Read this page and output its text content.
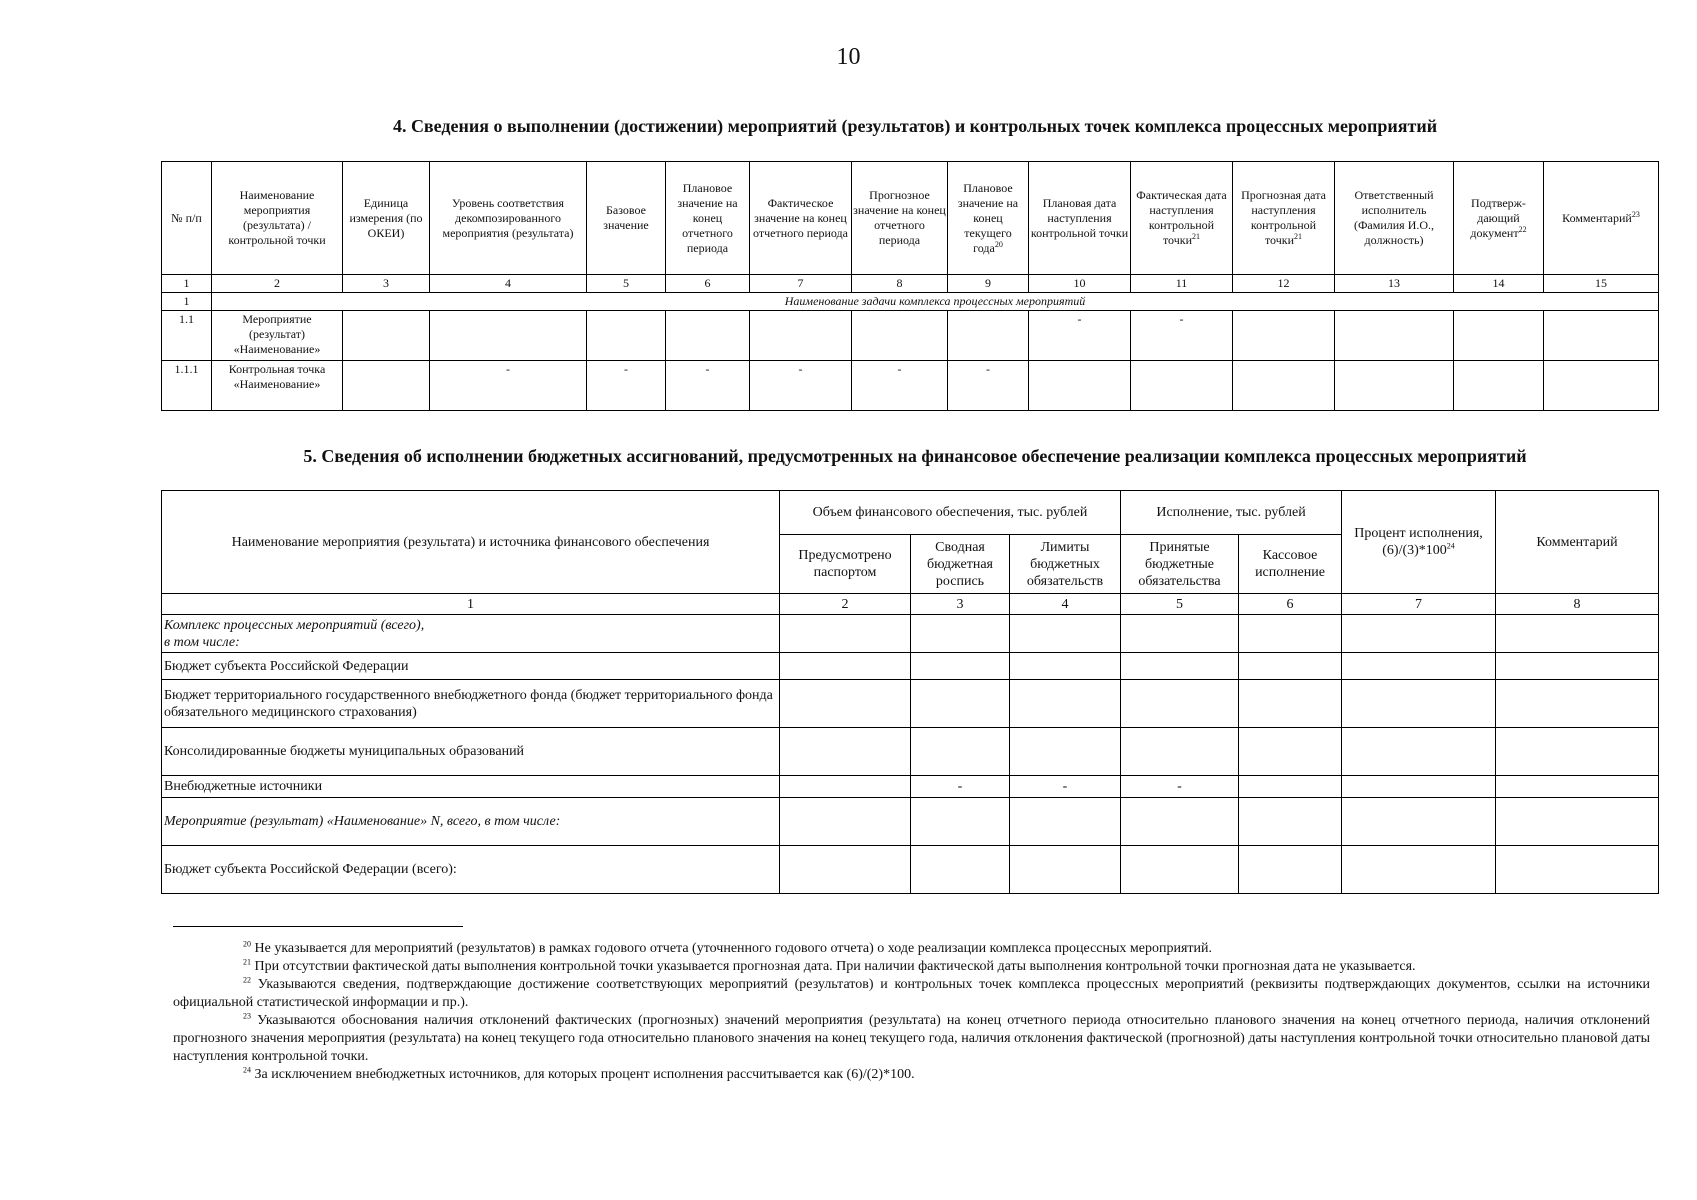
10
4. Сведения о выполнении (достижении) мероприятий (результатов) и контрольных точек комплекса процессных мероприятий
№ п/п	Наименование мероприятия (результата) / контрольной точки	Единица измерения (по ОКЕИ)	Уровень соответствия декомпозированного мероприятия (результата)	Базовое значение	Плановое значение на конец отчетного периода	Фактическое значение на конец отчетного периода	Прогнозное значение на конец отчетного периода	Плановое значение на конец текущего года$^{20}$	Плановая дата наступления контрольной точки	Фактическая дата наступления контрольной точки$^{21}$	Прогнозная дата наступления контрольной точки$^{21}$	Ответственный исполнитель (Фамилия И.О., должность)	Подтверж-дающий документ$^{22}$	Комментарий$^{23}$
1	2	3	4	5	6	7	8	9	10	11	12	13	14	15
1	Наименование задачи комплекса процессных мероприятий													
1.1	Мероприятие (результат) «Наименование»								-	-				
1.1.1	Контрольная точка «Наименование»		-	-	-	-	-	-						
5. Сведения об исполнении бюджетных ассигнований, предусмотренных на финансовое обеспечение реализации комплекса процессных мероприятий
Наименование мероприятия (результата) и источника финансового обеспечения	Объем финансового обеспечения, тыс. рублей			Исполнение, тыс. рублей		Процент исполнения, $(6)/(3)*100^{24}$	Комментарий
	Предусмотрено паспортом	Сводная бюджетная роспись	Лимиты бюджетных обязательств	Принятые бюджетные обязательства	Кассовое исполнение		
1	2	3	4	5	6	7	8
Комплекс процессных мероприятий (всего),
в том числе:							
Бюджет субъекта Российской Федерации							
Бюджет территориального государственного внебюджетного фонда (бюджет территориального фонда обязательного медицинского страхования)							
Консолидированные бюджеты муниципальных образований							
Внебюджетные источники		-	-	-			
Мероприятие (результат) «Наименование» N, всего, в том числе:							
Бюджет субъекта Российской Федерации (всего):							

$^{20}$ Не указывается для мероприятий (результатов) в рамках годового отчета (уточненного годового отчета) о ходе реализации комплекса процессных мероприятий.

$^{21}$ При отсутствии фактической даты выполнения контрольной точки указывается прогнозная дата. При наличии фактической даты выполнения контрольной точки прогнозная дата не указывается.

$^{22}$ Указываются сведения, подтверждающие достижение соответствующих мероприятий (результатов) и контрольных точек комплекса процессных мероприятий (реквизиты подтверждающих документов, ссылки на источники официальной статистической информации и пр.).

$^{23}$ Указываются обоснования наличия отклонений фактических (прогнозных) значений мероприятия (результата) на конец отчетного периода относительно планового значения на конец отчетного периода, наличия отклонений прогнозного значения мероприятия (результата) на конец текущего года относительно планового значения на конец текущего года, наличия отклонения фактической (прогнозной) даты наступления контрольной точки относительно плановой даты наступления контрольной точки.

$^{24}$ За исключением внебюджетных источников, для которых процент исполнения рассчитывается как (6)/(2)*100.
